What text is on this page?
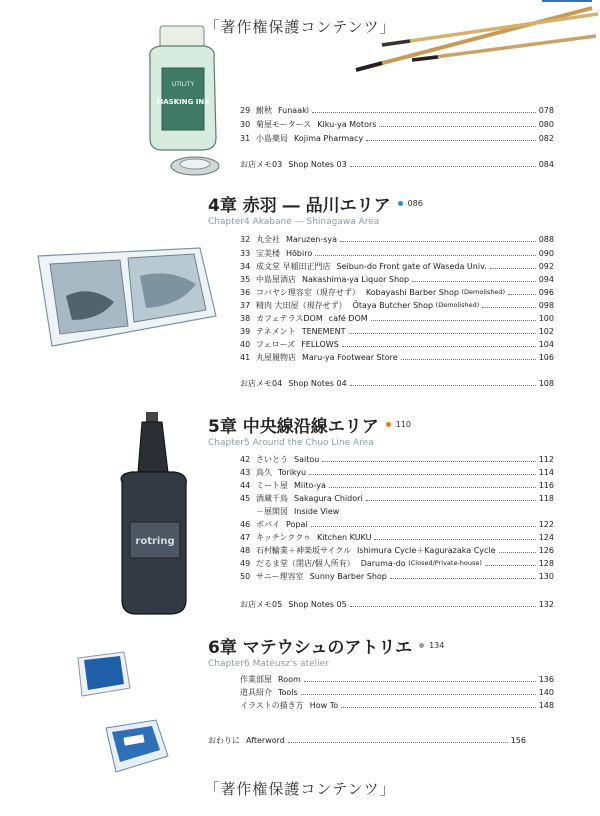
「著作権保護コンテンツ」
UTILITY
MASKING INK
rotring
29 鮒秋 Funaaki	078
30 菊屋モータース Kiku-ya Motors	080
31 小島薬局 Kojima Pharmacy	082
お店メモ03 Shop Notes 03	084
4章 赤羽 ― 品川エリア 086
Chapter4 Akabane ― Shinagawa Area
32 丸全社 Maruzen-sya	088
33 宝美楼 Hōbiro	090
34 成文堂 早稲田正門店 Seibun-do Front gate of Waseda Univ.	092
35 中島屋酒店 Nakashima-ya Liquor Shop	094
36 コバヤシ理容室（現存せず） Kobayashi Barber Shop
(Demolished)	096
37 精肉 大田屋（現存せず） Ōtaya Butcher Shop
(Demolished)	098
38 カフェテラスDOM café DOM	100
39 テネメント TENEMENT	102
40 フェローズ FELLOWS	104
41 丸屋履物店 Maru-ya Footwear Store	106
お店メモ04 Shop Notes 04	108
5章 中央線沿線エリア 110
Chapter5 Around the Chuo Line Area
42 さいとう Saitou	112
43 鳥久 Torikyu	114
44 ミート屋 Miito-ya	116
45 酒蔵千鳥 Sakagura Chidori	118
－展開図 Inside View
46 ポパイ Popai	122
47 キッチンククゥ Kitchen KUKU	124
48 石村輪業＋神楽坂サイクル Ishimura Cycle＋Kagurazaka Cycle	126
49 だるま堂（閉店/個人所有） Daruma-do
(Closed/Private-house)	128
50 サニー理容室 Sunny Barber Shop	130
お店メモ05 Shop Notes 05	132
6章 マテウシュのアトリエ 134
Chapter6 Mateusz's atelier
作業部屋 Room	136
道具紹介 Tools	140
イラストの描き方 How To	148
おわりに Afterword	156
「著作権保護コンテンツ」
